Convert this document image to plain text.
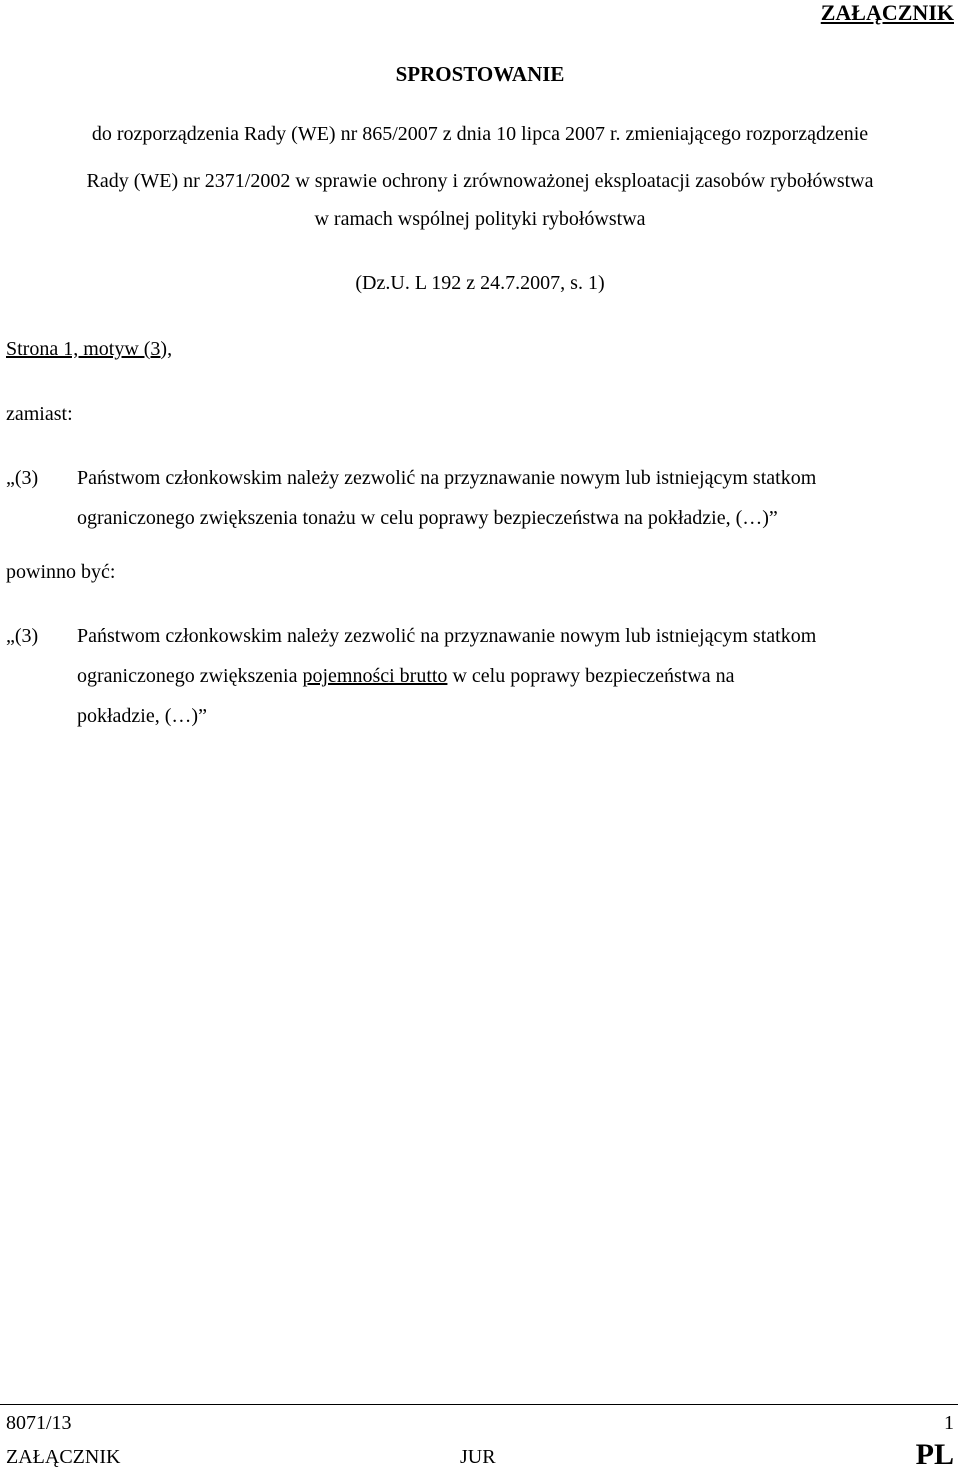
ZAŁĄCZNIK
SPROSTOWANIE
do rozporządzenia Rady (WE) nr 865/2007 z dnia 10 lipca 2007 r. zmieniającego rozporządzenie
Rady (WE) nr 2371/2002 w sprawie ochrony i zrównoważonej eksploatacji zasobów rybołówstwa
w ramach wspólnej polityki rybołówstwa
(Dz.U. L 192 z 24.7.2007, s. 1)
Strona 1, motyw (3),
zamiast:
„(3) Państwom członkowskim należy zezwolić na przyznawanie nowym lub istniejącym statkom
ograniczonego zwiększenia tonażu w celu poprawy bezpieczeństwa na pokładzie, (…)”
powinno być:
„(3) Państwom członkowskim należy zezwolić na przyznawanie nowym lub istniejącym statkom
ograniczonego zwiększenia pojemności brutto w celu poprawy bezpieczeństwa na
pokładzie, (…)”
8071/13	1
ZAŁĄCZNIK	JUR	PL
